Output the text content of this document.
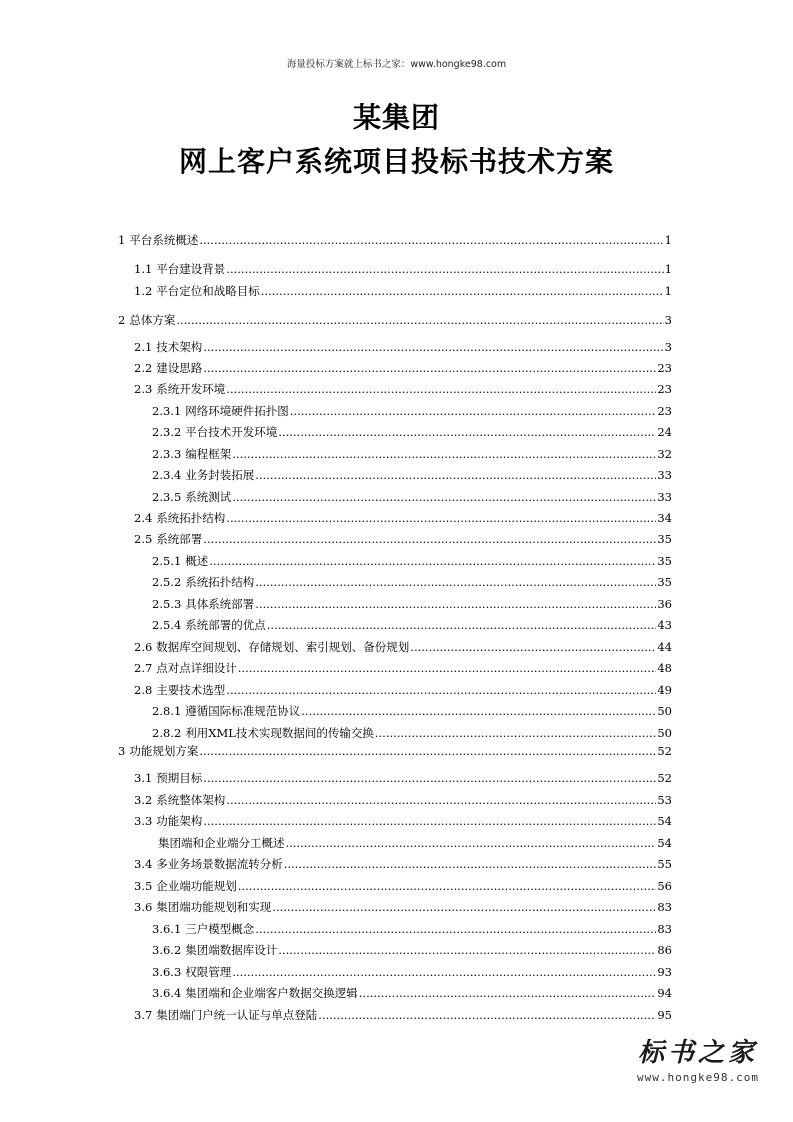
海量投标方案就上标书之家：www.hongke98.com
某集团
网上客户系统项目投标书技术方案
1 平台系统概述 .....	1
1.1 平台建设背景 .....	1
1.2 平台定位和战略目标 .....	1
2 总体方案 .....	3
2.1 技术架构 .....	3
2.2 建设思路 .....	23
2.3 系统开发环境 .....	23
2.3.1 网络环境硬件拓扑图 .....	23
2.3.2 平台技术开发环境 .....	24
2.3.3 编程框架 .....	32
2.3.4 业务封装拓展 .....	33
2.3.5 系统测试 .....	33
2.4 系统拓扑结构 .....	34
2.5 系统部署 .....	35
2.5.1 概述 .....	35
2.5.2 系统拓扑结构 .....	35
2.5.3 具体系统部署 .....	36
2.5.4 系统部署的优点 .....	43
2.6 数据库空间规划、存储规划、索引规划、备份规划 .....	44
2.7 点对点详细设计 .....	48
2.8 主要技术选型 .....	49
2.8.1 遵循国际标准规范协议 .....	50
2.8.2 利用XML技术实现数据间的传输交换 .....	50
3 功能规划方案 .....	52
3.1 预期目标 .....	52
3.2 系统整体架构 .....	53
3.3 功能架构 .....	54
集团端和企业端分工概述 .....	54
3.4 多业务场景数据流转分析 .....	55
3.5 企业端功能规划 .....	56
3.6 集团端功能规划和实现 .....	83
3.6.1 三户模型概念 .....	83
3.6.2 集团端数据库设计 .....	86
3.6.3 权限管理 .....	93
3.6.4 集团端和企业端客户数据交换逻辑 .....	94
3.7 集团端门户统一认证与单点登陆 .....	95
标书之家
www.hongke98.com
